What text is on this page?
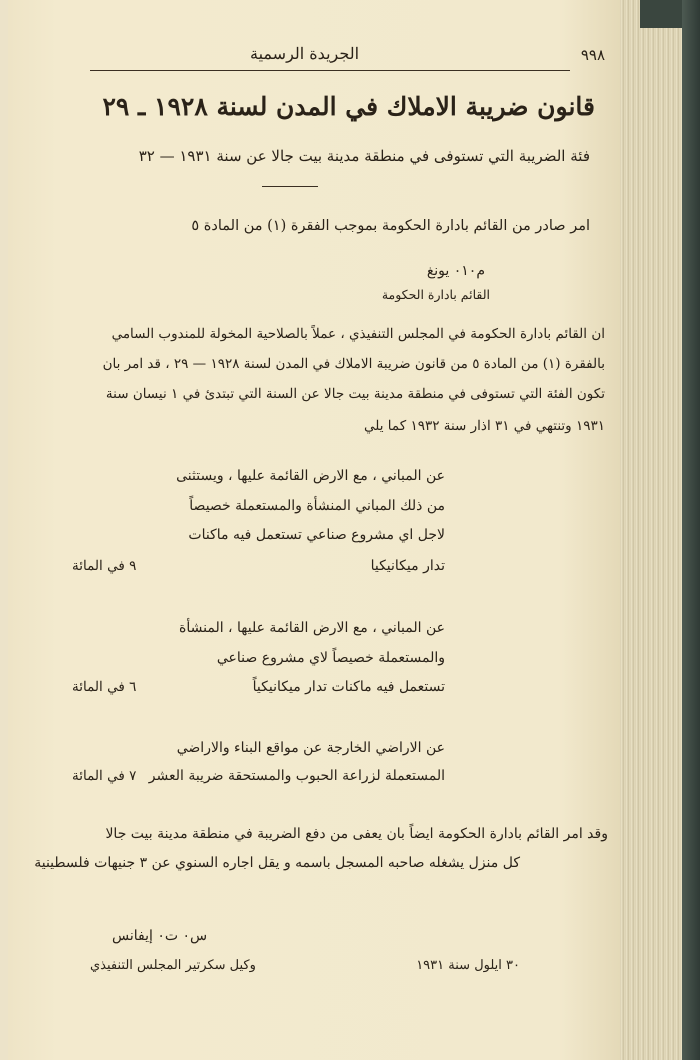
٩٩٨
الجريدة الرسمية
قانون ضريبة الاملاك في المدن لسنة ١٩٢٨ ـ ٢٩
فئة الضريبة التي تستوفى في منطقة مدينة بيت جالا عن سنة ١٩٣١ — ٣٢
امر صادر من القائم بادارة الحكومة بموجب الفقرة (١) من المادة ٥
م٠١٠ يونغ
القائم بادارة الحكومة
ان القائم بادارة الحكومة في المجلس التنفيذي ، عملاً بالصلاحية المخولة للمندوب السامي
بالفقرة (١) من المادة ٥ من قانون ضريبة الاملاك في المدن لسنة ١٩٢٨ — ٢٩ ، قد امر بان
تكون الفئة التي تستوفى في منطقة مدينة بيت جالا عن السنة التي تبتدئ في ١ نيسان سنة
١٩٣١ وتنتهي في ٣١ اذار سنة ١٩٣٢ كما يلي
عن المباني ، مع الارض القائمة عليها ، ويستثنى
من ذلك المباني المنشأة والمستعملة خصيصاً
لاجل اي مشروع صناعي تستعمل فيه ماكنات
تدار ميكانيكيا
٩ في المائة
عن المباني ، مع الارض القائمة عليها ، المنشأة
والمستعملة خصيصاً لاي مشروع صناعي
تستعمل فيه ماكنات تدار ميكانيكياً
٦ في المائة
عن الاراضي الخارجة عن مواقع البناء والاراضي
المستعملة لزراعة الحبوب والمستحقة ضريبة العشر
٧ في المائة
وقد امر القائم بادارة الحكومة ايضاً بان يعفى من دفع الضريبة في منطقة مدينة بيت جالا
كل منزل يشغله صاحبه المسجل باسمه و يقل اجاره السنوي عن ٣ جنيهات فلسطينية
س٠ ت٠ إيفانس
وكيل سكرتير المجلس التنفيذي	٣٠ ايلول سنة ١٩٣١
